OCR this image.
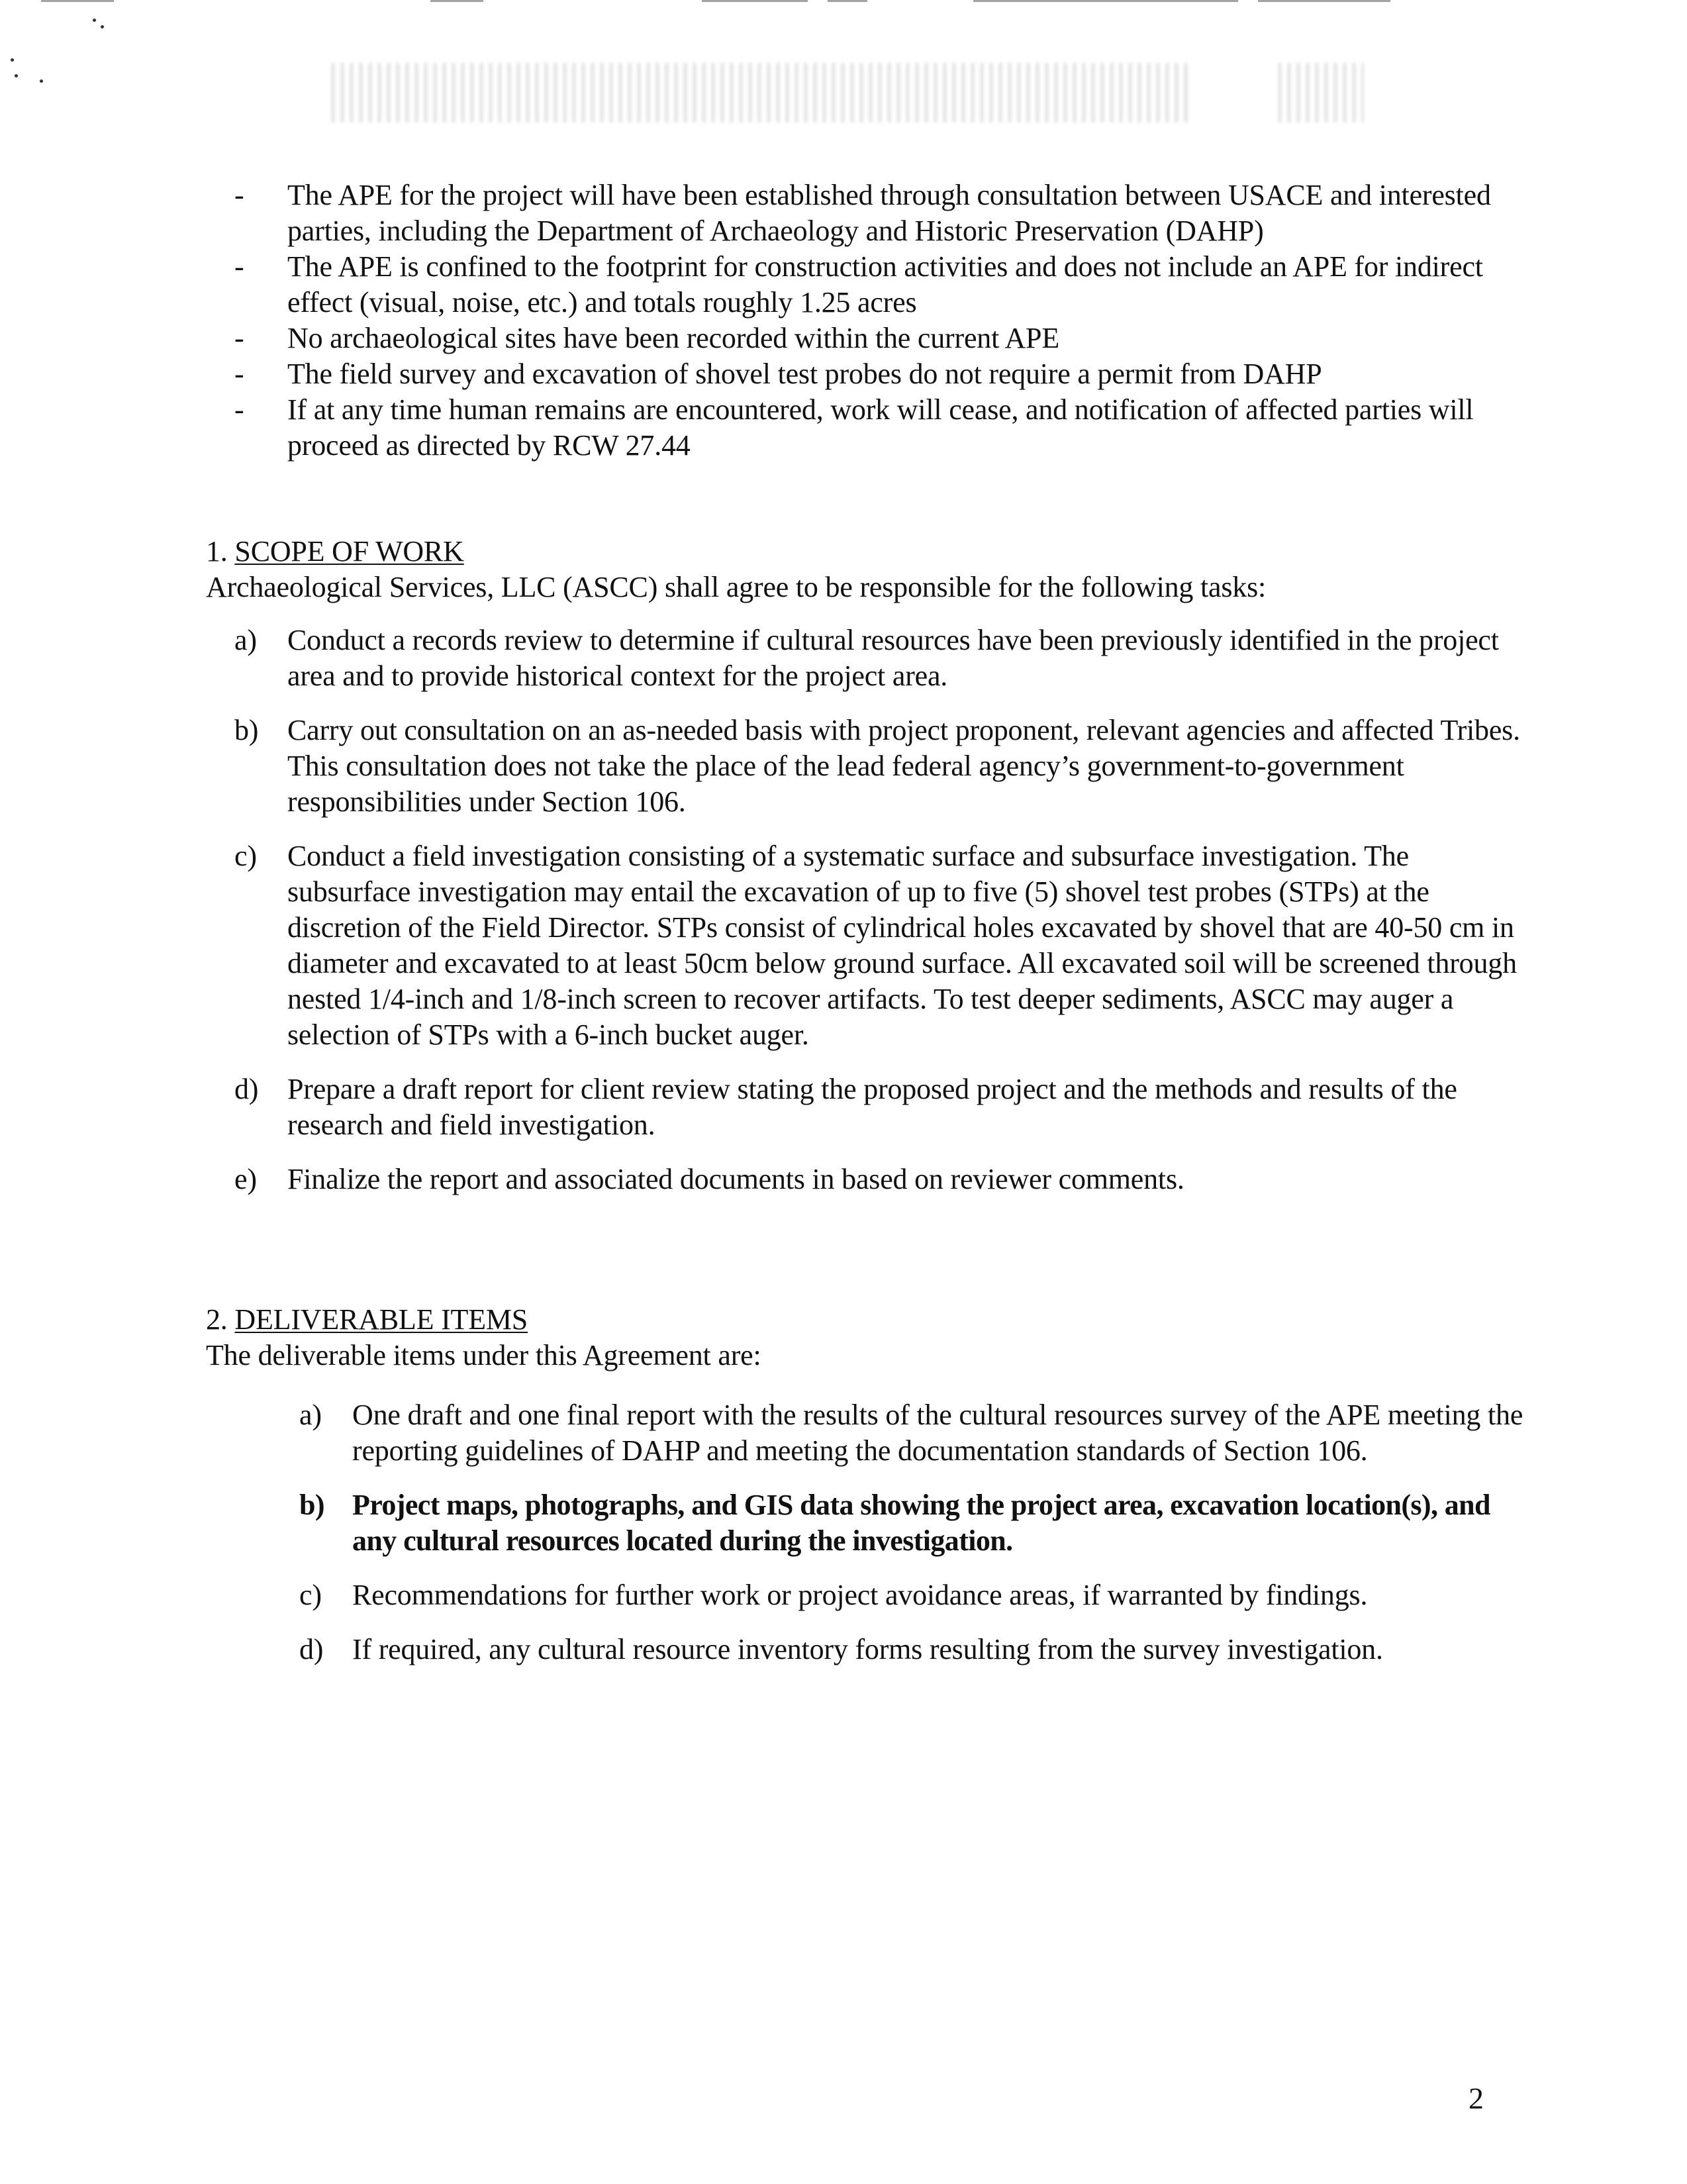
- The APE for the project will have been established through consultation between USACE and interested parties, including the Department of Archaeology and Historic Preservation (DAHP)
- The APE is confined to the footprint for construction activities and does not include an APE for indirect effect (visual, noise, etc.) and totals roughly 1.25 acres
- No archaeological sites have been recorded within the current APE
- The field survey and excavation of shovel test probes do not require a permit from DAHP
- If at any time human remains are encountered, work will cease, and notification of affected parties will proceed as directed by RCW 27.44
1. SCOPE OF WORK
Archaeological Services, LLC (ASCC) shall agree to be responsible for the following tasks:
a) Conduct a records review to determine if cultural resources have been previously identified in the project area and to provide historical context for the project area.
b) Carry out consultation on an as-needed basis with project proponent, relevant agencies and affected Tribes. This consultation does not take the place of the lead federal agency’s government-to-government responsibilities under Section 106.
c) Conduct a field investigation consisting of a systematic surface and subsurface investigation. The subsurface investigation may entail the excavation of up to five (5) shovel test probes (STPs) at the discretion of the Field Director. STPs consist of cylindrical holes excavated by shovel that are 40-50 cm in diameter and excavated to at least 50cm below ground surface. All excavated soil will be screened through nested 1/4-inch and 1/8-inch screen to recover artifacts. To test deeper sediments, ASCC may auger a selection of STPs with a 6-inch bucket auger.
d) Prepare a draft report for client review stating the proposed project and the methods and results of the research and field investigation.
e) Finalize the report and associated documents in based on reviewer comments.
2. DELIVERABLE ITEMS
The deliverable items under this Agreement are:
a) One draft and one final report with the results of the cultural resources survey of the APE meeting the reporting guidelines of DAHP and meeting the documentation standards of Section 106.
b) Project maps, photographs, and GIS data showing the project area, excavation location(s), and any cultural resources located during the investigation.
c) Recommendations for further work or project avoidance areas, if warranted by findings.
d) If required, any cultural resource inventory forms resulting from the survey investigation.
2
